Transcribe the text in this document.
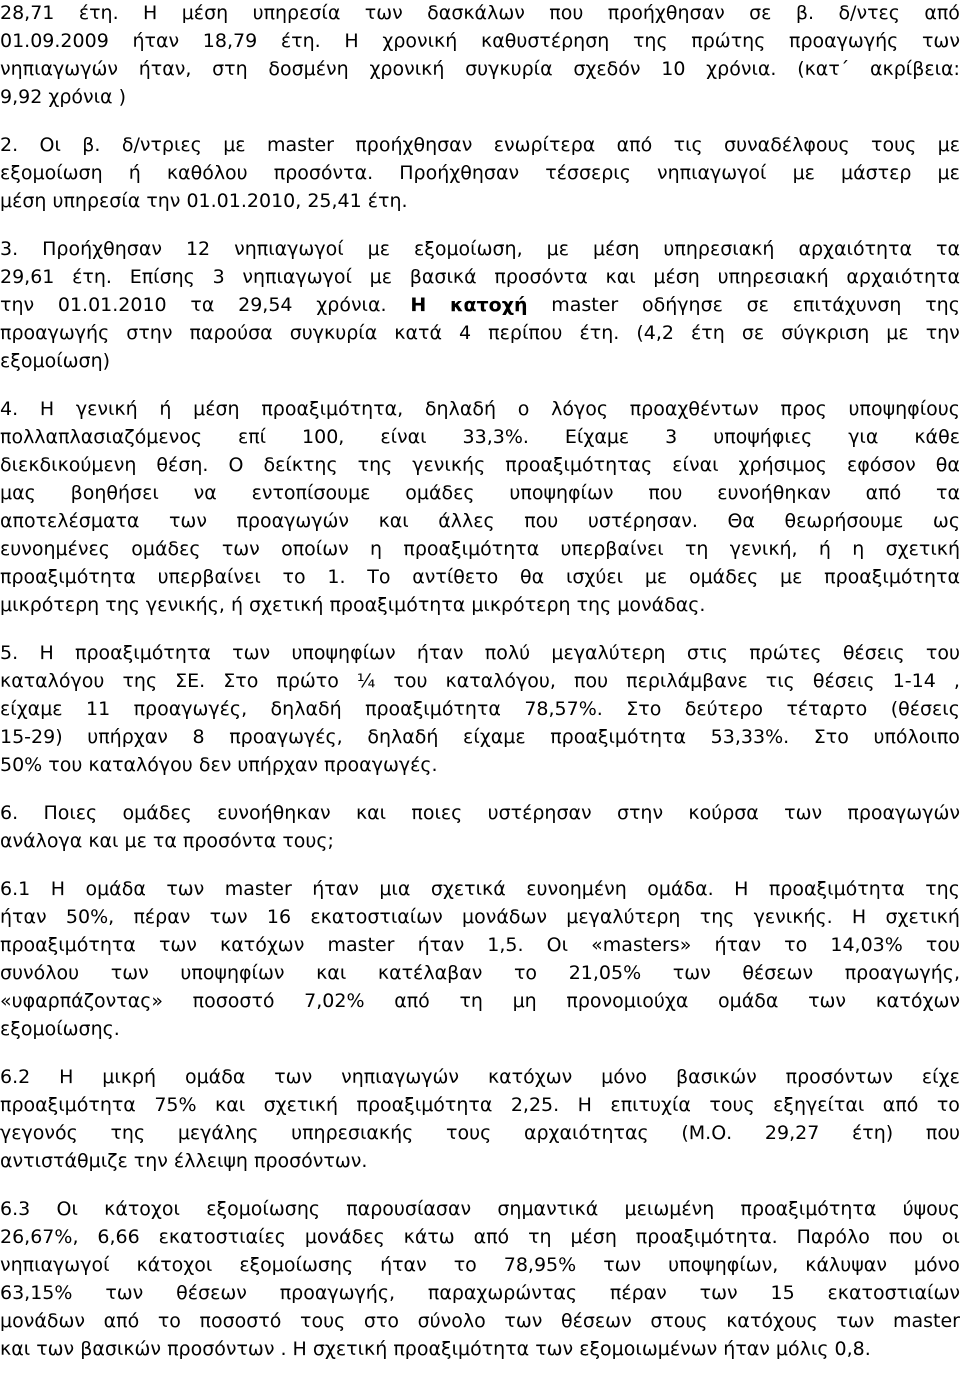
28,71 έτη. Η μέση υπηρεσία των δασκάλων που προήχθησαν σε β. δ/ντες από
01.09.2009 ήταν 18,79 έτη. Η χρονική καθυστέρηση της πρώτης προαγωγής των
νηπιαγωγών ήταν, στη δοσμένη χρονική συγκυρία σχεδόν 10 χρόνια. (κατ΄ ακρίβεια:
9,92 χρόνια )
2. Οι β. δ/ντριες με master προήχθησαν ενωρίτερα από τις συναδέλφους τους με
εξομοίωση ή καθόλου προσόντα. Προήχθησαν τέσσερις νηπιαγωγοί με μάστερ με
μέση υπηρεσία την 01.01.2010, 25,41 έτη.
3. Προήχθησαν 12 νηπιαγωγοί με εξομοίωση, με μέση υπηρεσιακή αρχαιότητα τα
29,61 έτη. Επίσης 3 νηπιαγωγοί με βασικά προσόντα και μέση υπηρεσιακή αρχαιότητα
την 01.01.2010 τα 29,54 χρόνια. Η κατοχή master οδήγησε σε επιτάχυνση της
προαγωγής στην παρούσα συγκυρία κατά 4 περίπου έτη. (4,2 έτη σε σύγκριση με την
εξομοίωση)
4. Η γενική ή μέση προαξιμότητα, δηλαδή ο λόγος προαχθέντων προς υποψηφίους
πολλαπλασιαζόμενος επί 100, είναι 33,3%. Είχαμε 3 υποψήφιες για κάθε
διεκδικούμενη θέση. Ο δείκτης της γενικής προαξιμότητας είναι χρήσιμος εφόσον θα
μας βοηθήσει να εντοπίσουμε ομάδες υποψηφίων που ευνοήθηκαν από τα
αποτελέσματα των προαγωγών και άλλες που υστέρησαν. Θα θεωρήσουμε ως
ευνοημένες ομάδες των οποίων η προαξιμότητα υπερβαίνει τη γενική, ή η σχετική
προαξιμότητα υπερβαίνει το 1. Το αντίθετο θα ισχύει με ομάδες με προαξιμότητα
μικρότερη της γενικής, ή σχετική προαξιμότητα μικρότερη της μονάδας.
5. Η προαξιμότητα των υποψηφίων ήταν πολύ μεγαλύτερη στις πρώτες θέσεις του
καταλόγου της ΣΕ. Στο πρώτο ¼ του καταλόγου, που περιλάμβανε τις θέσεις 1-14 ,
είχαμε 11 προαγωγές, δηλαδή προαξιμότητα 78,57%. Στο δεύτερο τέταρτο (θέσεις
15-29) υπήρχαν 8 προαγωγές, δηλαδή είχαμε προαξιμότητα 53,33%. Στο υπόλοιπο
50% του καταλόγου δεν υπήρχαν προαγωγές.
6. Ποιες ομάδες ευνοήθηκαν και ποιες υστέρησαν στην κούρσα των προαγωγών
ανάλογα και με τα προσόντα τους;
6.1 Η ομάδα των master ήταν μια σχετικά ευνοημένη ομάδα. Η προαξιμότητα της
ήταν 50%, πέραν των 16 εκατοστιαίων μονάδων μεγαλύτερη της γενικής. Η σχετική
προαξιμότητα των κατόχων master ήταν 1,5. Οι «masters» ήταν το 14,03% του
συνόλου των υποψηφίων και κατέλαβαν το 21,05% των θέσεων προαγωγής,
«υφαρπάζοντας» ποσοστό 7,02% από τη μη προνομιούχα ομάδα των κατόχων
εξομοίωσης.
6.2 Η μικρή ομάδα των νηπιαγωγών κατόχων μόνο βασικών προσόντων είχε
προαξιμότητα 75% και σχετική προαξιμότητα 2,25. Η επιτυχία τους εξηγείται από το
γεγονός της μεγάλης υπηρεσιακής τους αρχαιότητας (Μ.Ο. 29,27 έτη) που
αντιστάθμιζε την έλλειψη προσόντων.
6.3 Οι κάτοχοι εξομοίωσης παρουσίασαν σημαντικά μειωμένη προαξιμότητα ύψους
26,67%, 6,66 εκατοστιαίες μονάδες κάτω από τη μέση προαξιμότητα. Παρόλο που οι
νηπιαγωγοί κάτοχοι εξομοίωσης ήταν το 78,95% των υποψηφίων, κάλυψαν μόνο
63,15% των θέσεων προαγωγής, παραχωρώντας πέραν των 15 εκατοστιαίων
μονάδων από το ποσοστό τους στο σύνολο των θέσεων στους κατόχους των master
και των βασικών προσόντων . Η σχετική προαξιμότητα των εξομοιωμένων ήταν μόλις 0,8.
